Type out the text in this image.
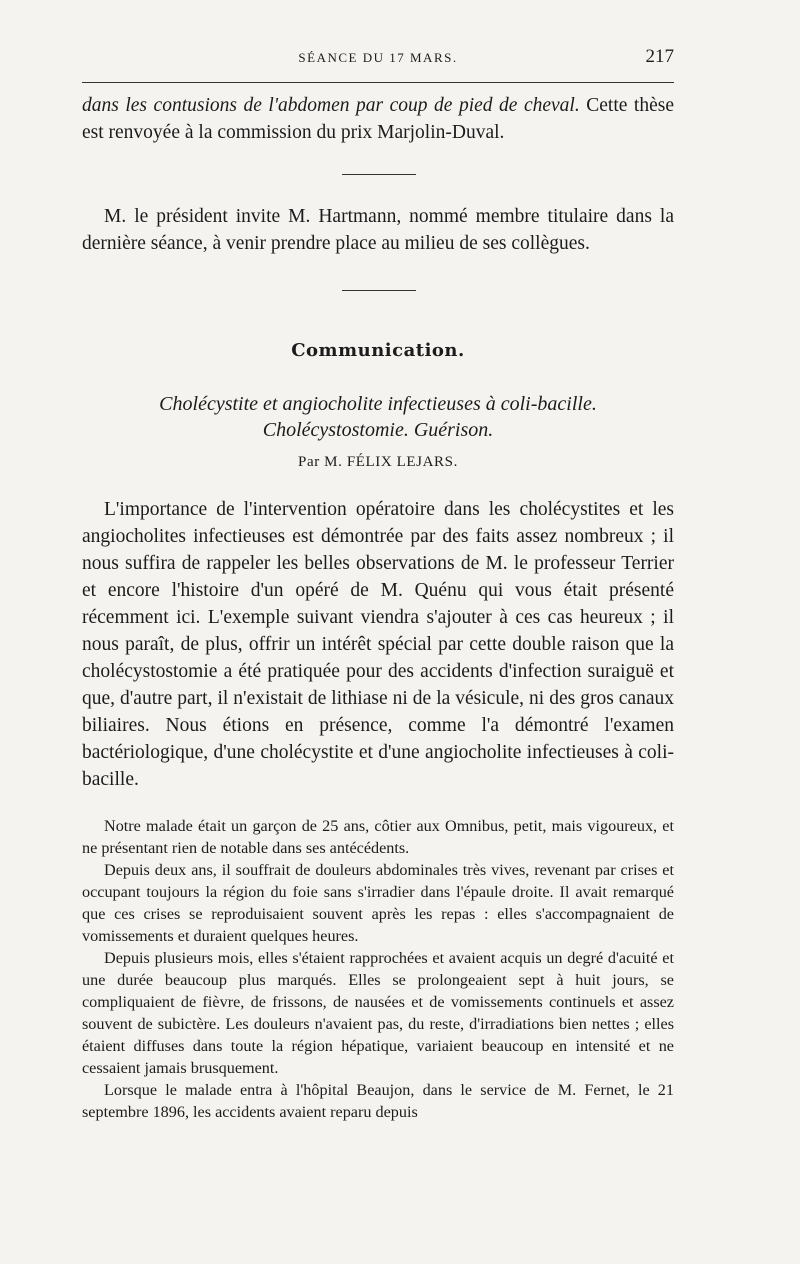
SÉANCE DU 17 MARS.	217

dans les contusions de l'abdomen par coup de pied de cheval. Cette thèse est renvoyée à la commission du prix Marjolin-Duval.

M. le président invite M. Hartmann, nommé membre titulaire dans la dernière séance, à venir prendre place au milieu de ses collègues.

Communication.
Cholécystite et angiocholite infectieuses à coli-bacille.
Cholécystostomie. Guérison.
Par M. FÉLIX LEJARS.

L'importance de l'intervention opératoire dans les cholécystites et les angiocholites infectieuses est démontrée par des faits assez nombreux ; il nous suffira de rappeler les belles observations de M. le professeur Terrier et encore l'histoire d'un opéré de M. Quénu qui vous était présenté récemment ici. L'exemple suivant viendra s'ajouter à ces cas heureux ; il nous paraît, de plus, offrir un intérêt spécial par cette double raison que la cholécystostomie a été pratiquée pour des accidents d'infection suraiguë et que, d'autre part, il n'existait de lithiase ni de la vésicule, ni des gros canaux biliaires. Nous étions en présence, comme l'a démontré l'examen bactériologique, d'une cholécystite et d'une angiocholite infectieuses à coli-bacille.

Notre malade était un garçon de 25 ans, côtier aux Omnibus, petit, mais vigoureux, et ne présentant rien de notable dans ses antécédents.

Depuis deux ans, il souffrait de douleurs abdominales très vives, revenant par crises et occupant toujours la région du foie sans s'irradier dans l'épaule droite. Il avait remarqué que ces crises se reproduisaient souvent après les repas : elles s'accompagnaient de vomissements et duraient quelques heures.

Depuis plusieurs mois, elles s'étaient rapprochées et avaient acquis un degré d'acuité et une durée beaucoup plus marqués. Elles se prolongeaient sept à huit jours, se compliquaient de fièvre, de frissons, de nausées et de vomissements continuels et assez souvent de subictère. Les douleurs n'avaient pas, du reste, d'irradiations bien nettes ; elles étaient diffuses dans toute la région hépatique, variaient beaucoup en intensité et ne cessaient jamais brusquement.

Lorsque le malade entra à l'hôpital Beaujon, dans le service de M. Fernet, le 21 septembre 1896, les accidents avaient reparu depuis
